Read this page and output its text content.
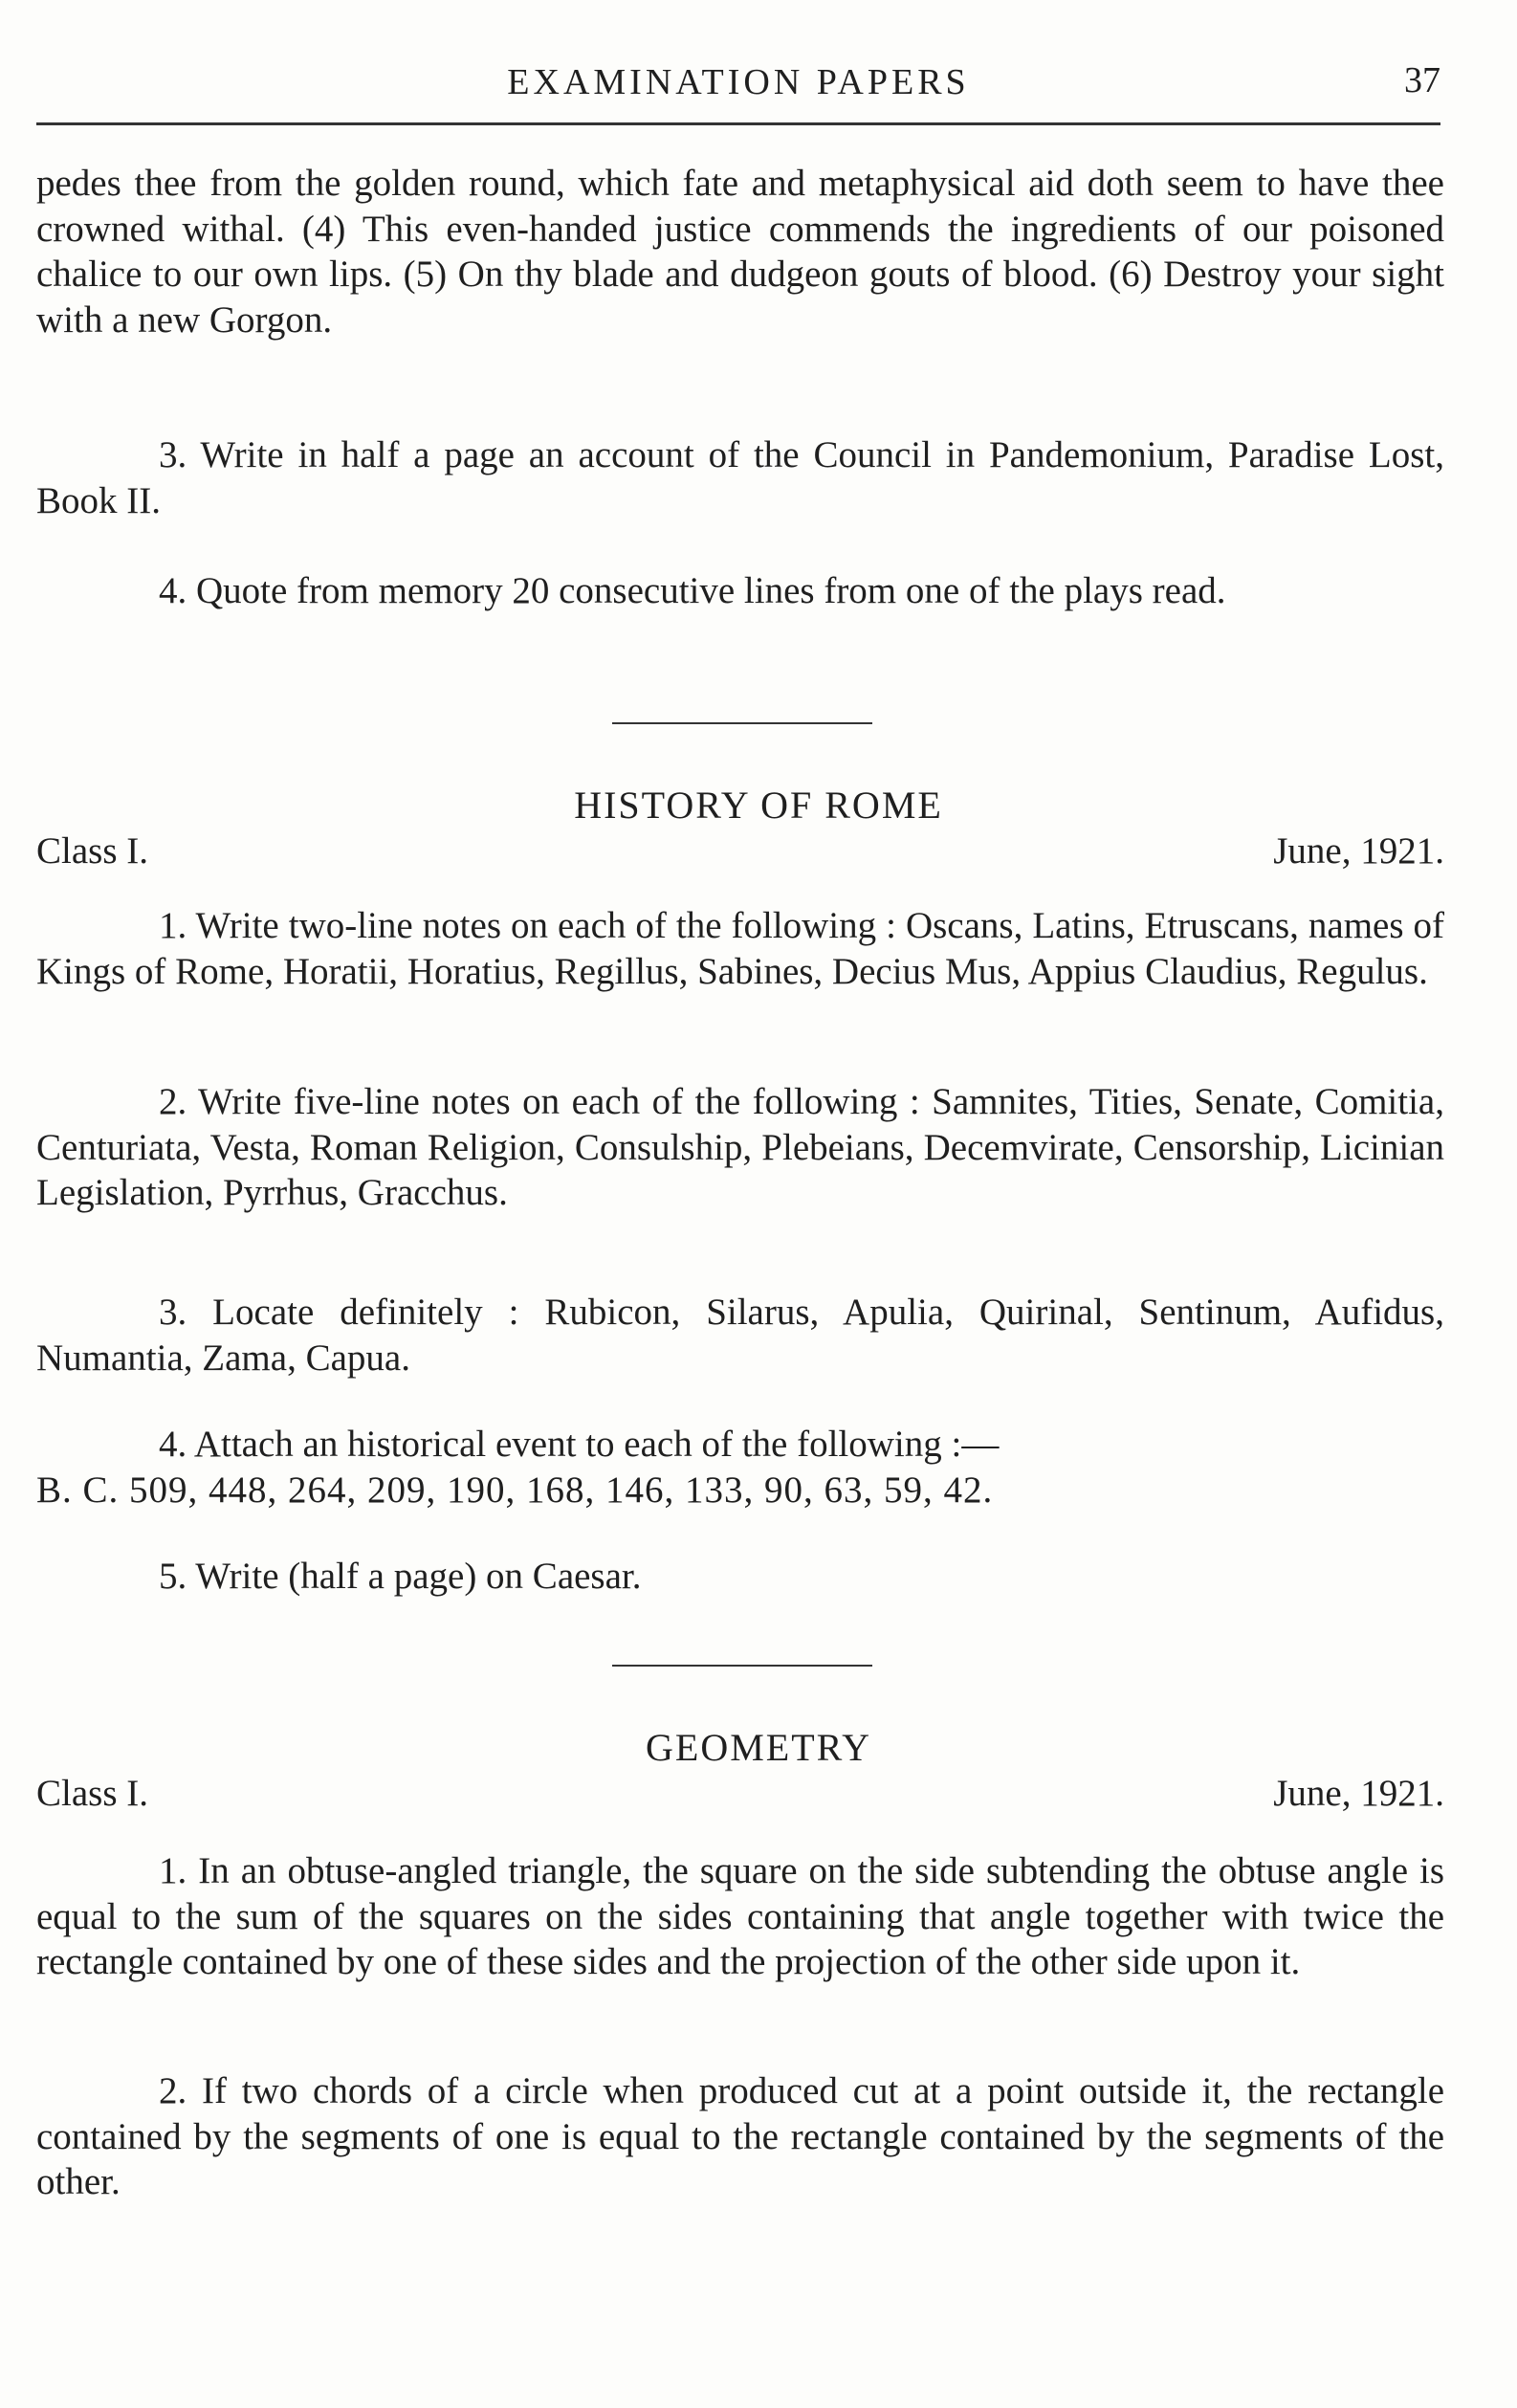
EXAMINATION PAPERS	37

pedes thee from the golden round, which fate and metaphysical aid doth seem to have thee crowned withal. (4) This even-handed justice commends the ingredients of our poisoned chalice to our own lips. (5) On thy blade and dudgeon gouts of blood. (6) Destroy your sight with a new Gorgon.

3. Write in half a page an account of the Council in Pandemonium, Paradise Lost, Book II.

4. Quote from memory 20 consecutive lines from one of the plays read.

HISTORY OF ROME
Class I.	June, 1921.

1. Write two-line notes on each of the following : Oscans, Latins, Etruscans, names of Kings of Rome, Horatii, Horatius, Regillus, Sabines, Decius Mus, Appius Claudius, Regulus.

2. Write five-line notes on each of the following : Samnites, Tities, Senate, Comitia, Centuriata, Vesta, Roman Religion, Consulship, Plebeians, Decemvirate, Censorship, Licinian Legislation, Pyrrhus, Gracchus.

3. Locate definitely : Rubicon, Silarus, Apulia, Quirinal, Sentinum, Aufidus, Numantia, Zama, Capua.

4. Attach an historical event to each of the following :—
B. C. 509, 448, 264, 209, 190, 168, 146, 133, 90, 63, 59, 42.

5. Write (half a page) on Caesar.

GEOMETRY
Class I.	June, 1921.

1. In an obtuse-angled triangle, the square on the side subtending the obtuse angle is equal to the sum of the squares on the sides containing that angle together with twice the rectangle contained by one of these sides and the projection of the other side upon it.

2. If two chords of a circle when produced cut at a point outside it, the rectangle contained by the segments of one is equal to the rectangle contained by the segments of the other.
